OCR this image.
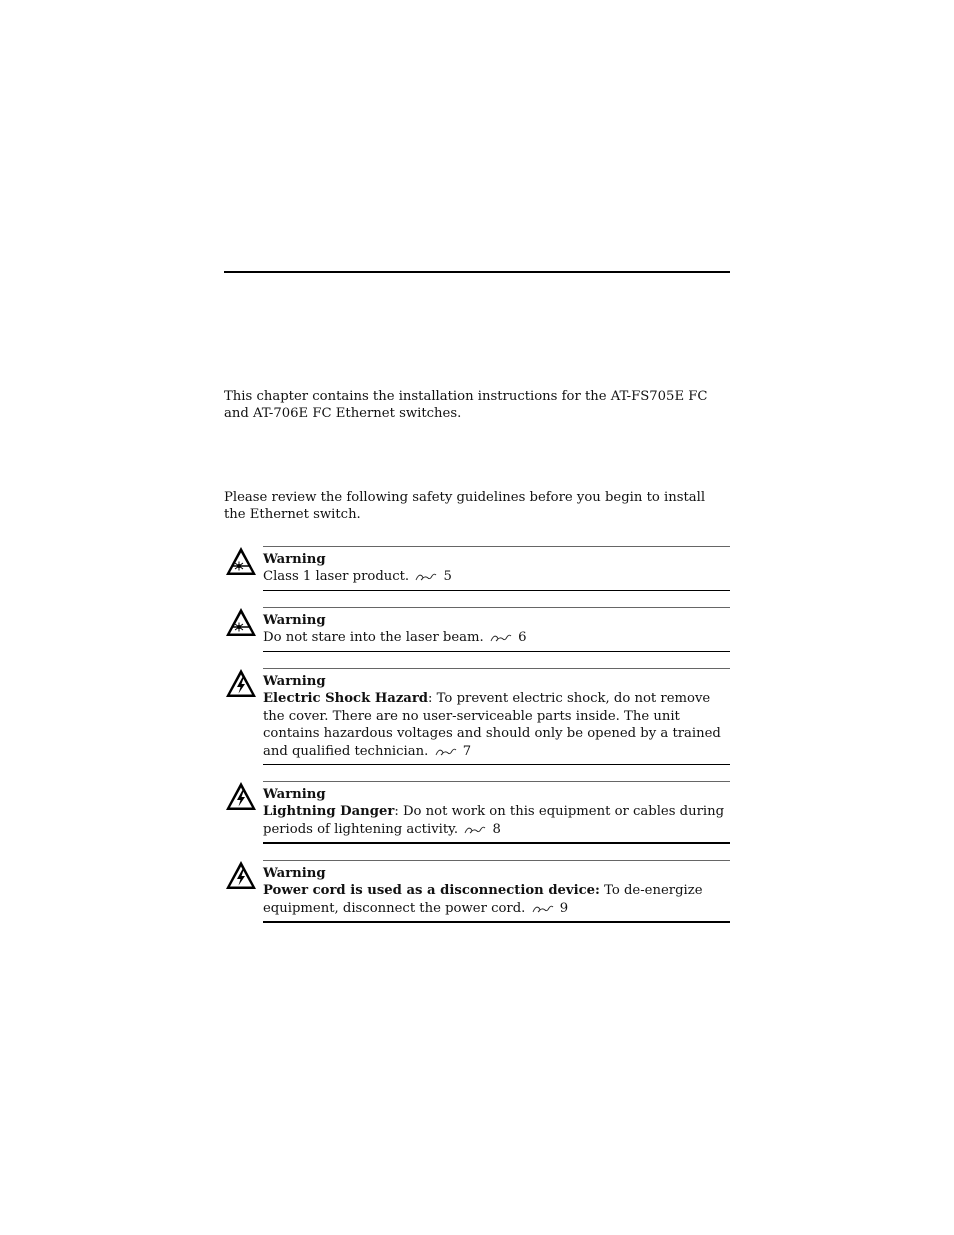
This chapter contains the installation instructions for the AT-FS705E FC and AT-706E FC Ethernet switches.

Please review the following safety guidelines before you begin to install the Ethernet switch.

Warning
Class 1 laser product.	5
Warning
Do not stare into the laser beam.	6
Warning
Electric Shock Hazard: To prevent electric shock, do not remove the cover. There are no user-serviceable parts inside. The unit contains hazardous voltages and should only be opened by a trained and qualified technician.	7
Warning
Lightning Danger: Do not work on this equipment or cables during periods of lightening activity.	8
Warning
Power cord is used as a disconnection device: To de-energize equipment, disconnect the power cord.	9
